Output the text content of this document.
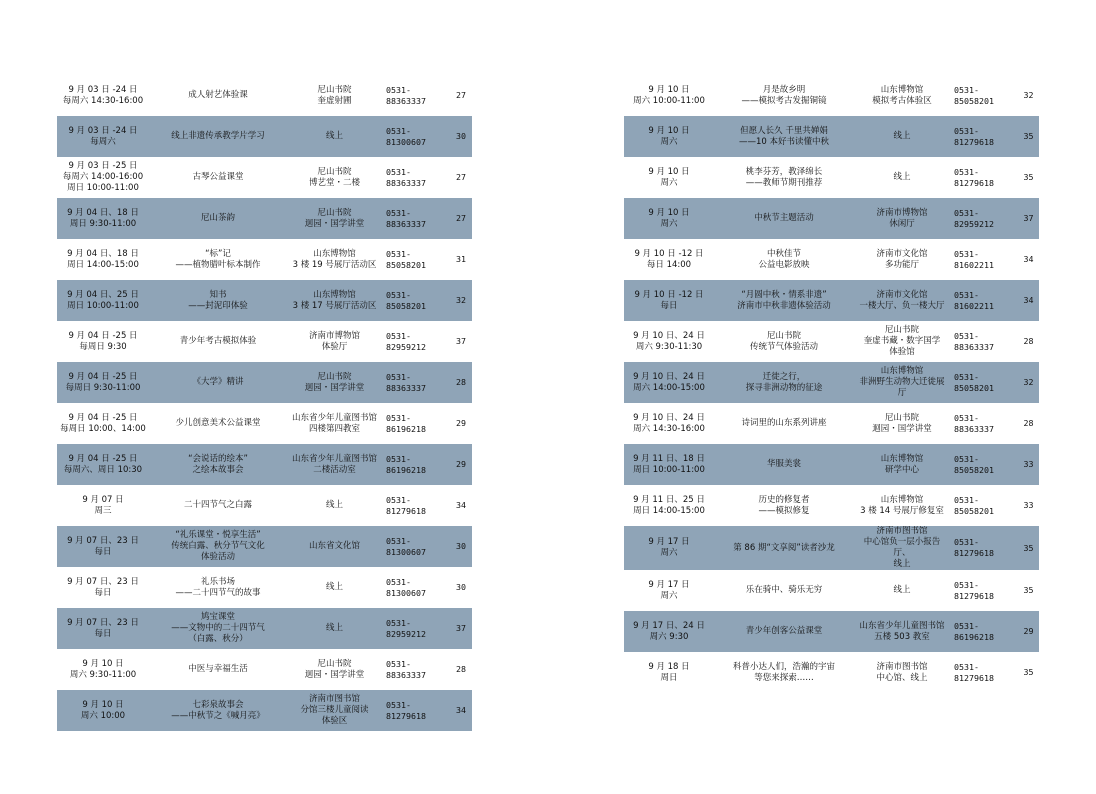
9 月 03 日 -24 日
每周六 14:30-16:00	成人射艺体验课	尼山书院
奎虚射圃	0531-88363337	27
9 月 03 日 -24 日
每周六	线上非遗传承教学片学习	线上	0531-81300607	30
9 月 03 日 -25 日
每周六 14:00-16:00
周日 10:00-11:00	古琴公益课堂	尼山书院
博艺堂・二楼	0531-88363337	27
9 月 04 日、18 日
周日 9:30-11:00	尼山茶韵	尼山书院
迴园・国学讲堂	0531-88363337	27
9 月 04 日、18 日
周日 14:00-15:00	“标”记
——植物腊叶标本制作	山东博物馆
3 楼 19 号展厅活动区	0531-85058201	31
9 月 04 日、25 日
周日 10:00-11:00	知书
——封泥印体验	山东博物馆
3 楼 17 号展厅活动区	0531-85058201	32
9 月 04 日 -25 日
每周日 9:30	青少年考古模拟体验	济南市博物馆
体验厅	0531-82959212	37
9 月 04 日 -25 日
每周日 9:30-11:00	《大学》精讲	尼山书院
迴园・国学讲堂	0531-88363337	28
9 月 04 日 -25 日
每周日 10:00、14:00	少儿创意美术公益课堂	山东省少年儿童图书馆
四楼第四教室	0531-86196218	29
9 月 04 日 -25 日
每周六、周日 10:30	“会说话的绘本”
之绘本故事会	山东省少年儿童图书馆
二楼活动室	0531-86196218	29
9 月 07 日
周三	二十四节气之白露	线上	0531-81279618	34
9 月 07 日、23 日
每日	“礼乐课堂・悦享生活”
传统白露、秋分节气文化
体验活动	山东省文化馆	0531-81300607	30
9 月 07 日、23 日
每日	礼乐书场
——二十四节气的故事	线上	0531-81300607	30
9 月 07 日、23 日
每日	鸠宝课堂
——文物中的二十四节气
（白露、秋分）	线上	0531-82959212	37
9 月 10 日
周六 9:30-11:00	中医与幸福生活	尼山书院
迴园・国学讲堂	0531-88363337	28
9 月 10 日
周六 10:00	七彩泉故事会
——中秋节之《喊月亮》	济南市图书馆
分馆三楼儿童阅读
体验区	0531-81279618	34
9 月 10 日
周六 10:00-11:00	月是故乡明
——模拟考古发掘铜镜	山东博物馆
模拟考古体验区	0531-85058201	32
9 月 10 日
周六	但愿人长久 千里共婵娟
——10 本好书读懂中秋	线上	0531-81279618	35
9 月 10 日
周六	桃李芬芳，教泽绵长
——教师节期刊推荐	线上	0531-81279618	35
9 月 10 日
周六	中秋节主题活动	济南市博物馆
休闲厅	0531-82959212	37
9 月 10 日 -12 日
每日 14:00	中秋佳节
公益电影放映	济南市文化馆
多功能厅	0531-81602211	34
9 月 10 日 -12 日
每日	“月圆中秋・情系非遗”
济南市中秋非遗体验活动	济南市文化馆
一楼大厅、负一楼大厅	0531-81602211	34
9 月 10 日、24 日
周六 9:30-11:30	尼山书院
传统节气体验活动	尼山书院
奎虚书藏・数字国学
体验馆	0531-88363337	28
9 月 10 日、24 日
周六 14:00-15:00	迁徙之行，
探寻非洲动物的征途	山东博物馆
非洲野生动物大迁徙展厅	0531-85058201	32
9 月 10 日、24 日
周六 14:30-16:00	诗词里的山东系列讲座	尼山书院
迴园・国学讲堂	0531-88363337	28
9 月 11 日、18 日
周日 10:00-11:00	华服美裳	山东博物馆
研学中心	0531-85058201	33
9 月 11 日、25 日
周日 14:00-15:00	历史的修复者
——模拟修复	山东博物馆
3 楼 14 号展厅修复室	0531-85058201	33
9 月 17 日
周六	第 86 期“文享阅”读者沙龙	济南市图书馆
中心馆负一层小报告厅、
线上	0531-81279618	35
9 月 17 日
周六	乐在骑中、骑乐无穷	线上	0531-81279618	35
9 月 17 日、24 日
周六 9:30	青少年创客公益课堂	山东省少年儿童图书馆
五楼 503 教室	0531-86196218	29
9 月 18 日
周日	科普小达人们，浩瀚的宇宙
等您来探索……	济南市图书馆
中心馆、线上	0531-81279618	35
